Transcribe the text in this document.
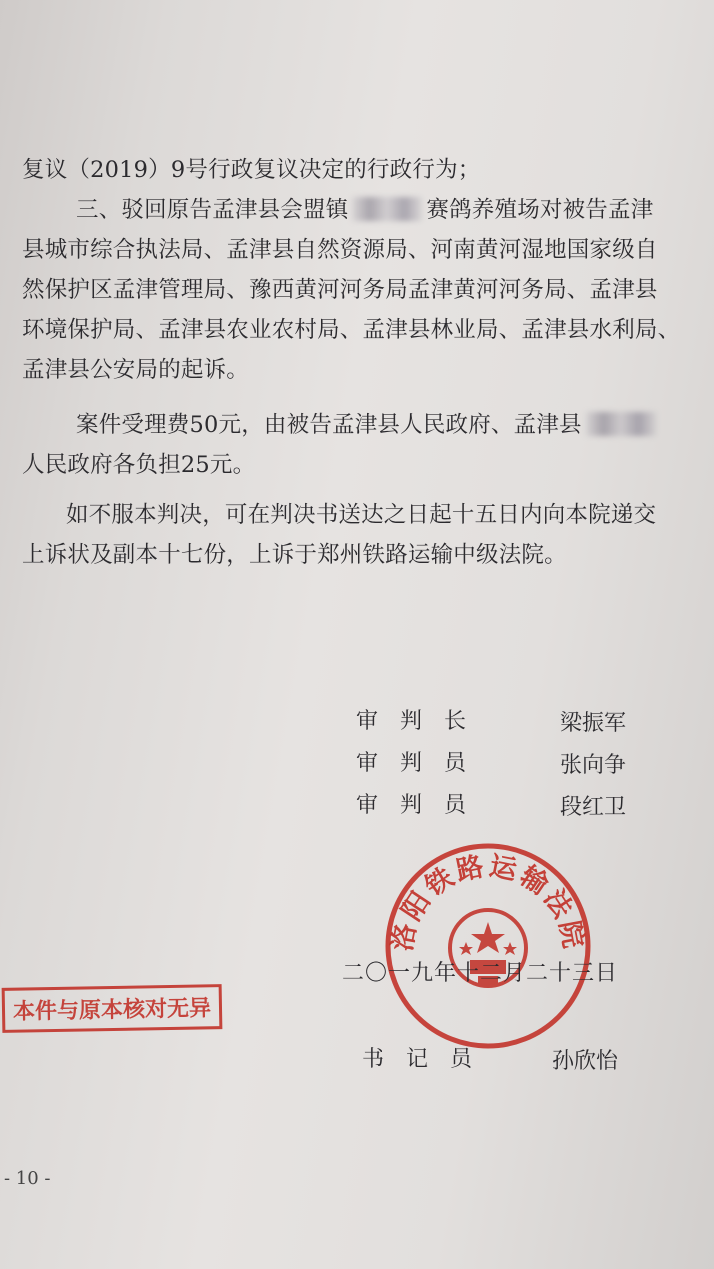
复议（2019）9号行政复议决定的行政行为；
三、驳回原告孟津县会盟镇	赛鸽养殖场对被告孟津
县城市综合执法局、孟津县自然资源局、河南黄河湿地国家级自
然保护区孟津管理局、豫西黄河河务局孟津黄河河务局、孟津县
环境保护局、孟津县农业农村局、孟津县林业局、孟津县水利局、
孟津县公安局的起诉。
案件受理费50元，由被告孟津县人民政府、孟津县
人民政府各负担25元。
如不服本判决，可在判决书送达之日起十五日内向本院递交
上诉状及副本十七份，上诉于郑州铁路运输中级法院。
审判长	梁振军
审判员	张向争
审判员	段红卫
洛阳铁路运输法院
二〇一九年十二月二十三日
本件与原本核对无异
书记员	孙欣怡
- 10 -
